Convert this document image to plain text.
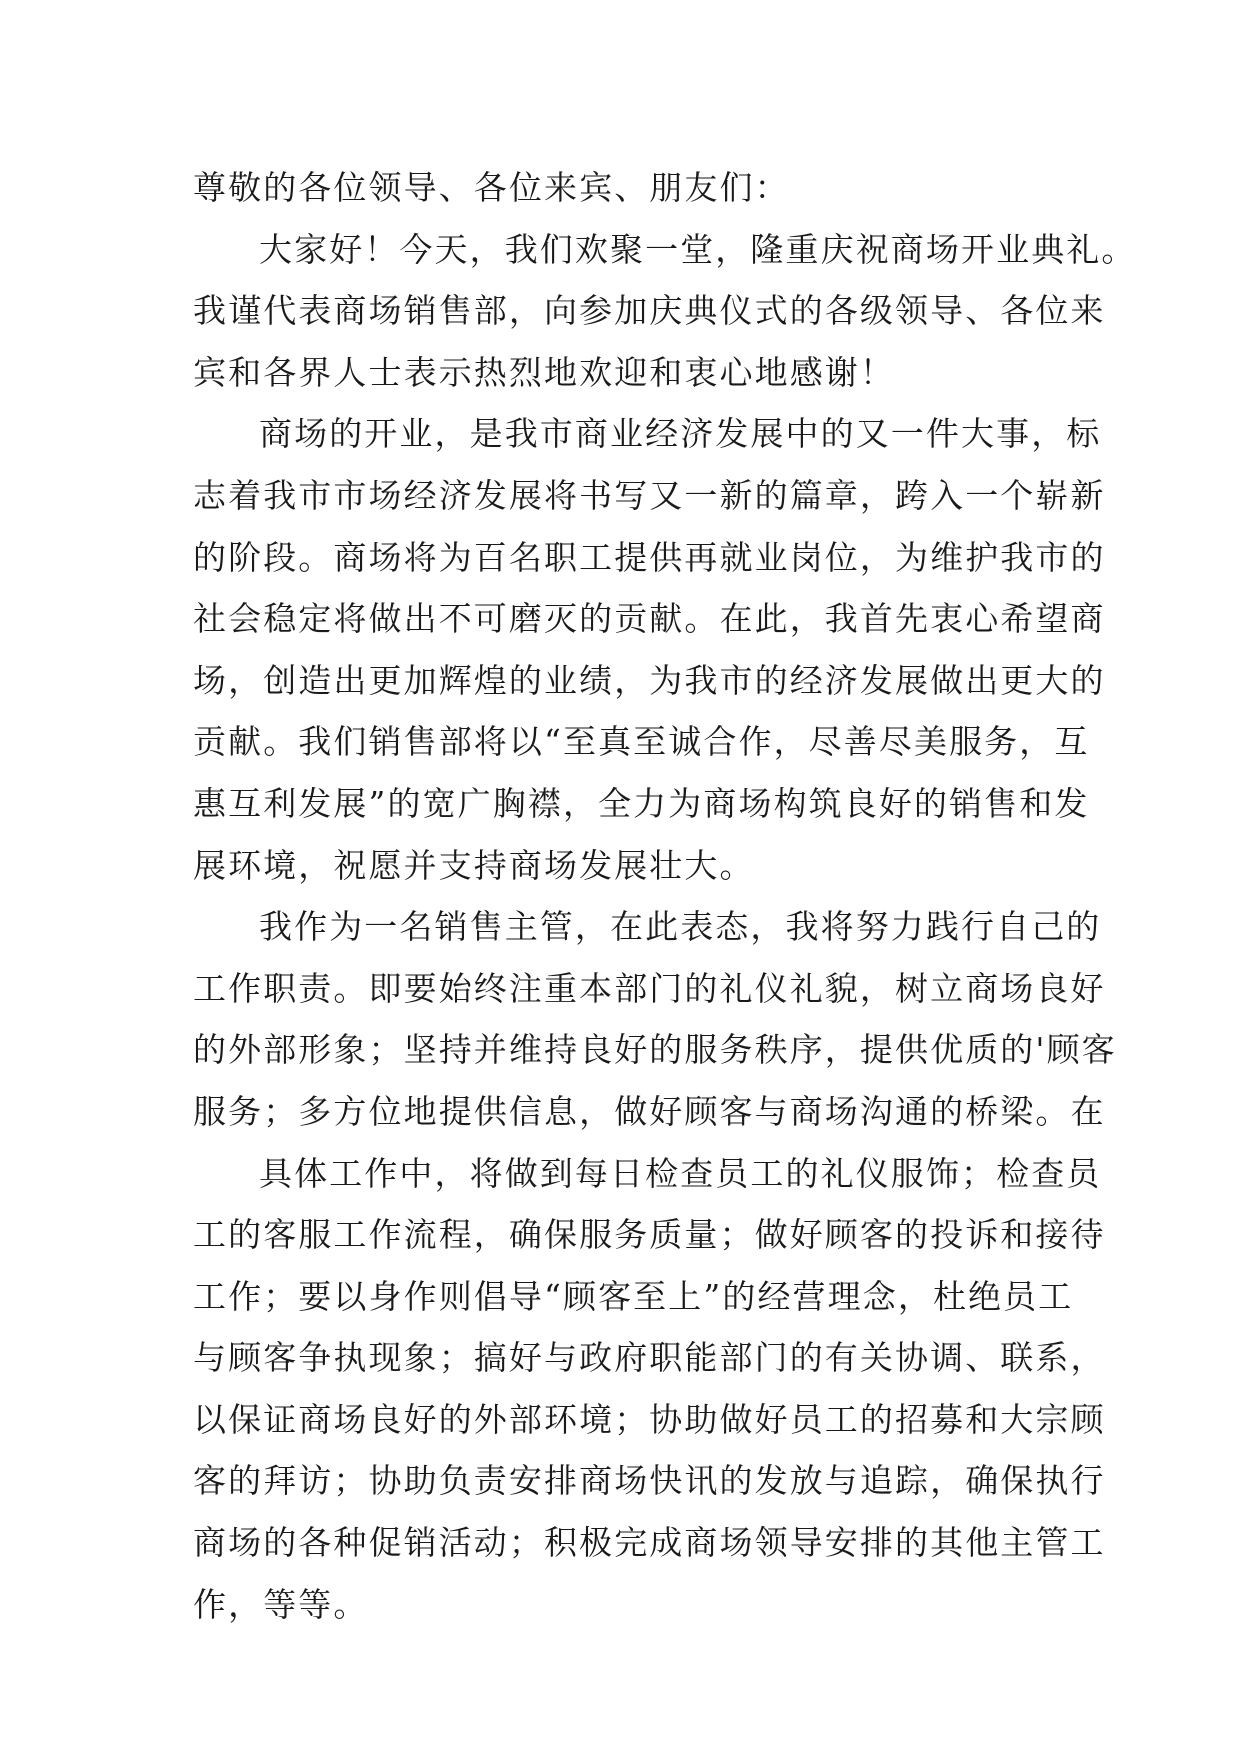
尊敬的各位领导、各位来宾、朋友们：
大家好！今天，我们欢聚一堂，隆重庆祝商场开业典礼。
我谨代表商场销售部，向参加庆典仪式的各级领导、各位来
宾和各界人士表示热烈地欢迎和衷心地感谢！
商场的开业，是我市商业经济发展中的又一件大事，标
志着我市市场经济发展将书写又一新的篇章，跨入一个崭新
的阶段。商场将为百名职工提供再就业岗位，为维护我市的
社会稳定将做出不可磨灭的贡献。在此，我首先衷心希望商
场，创造出更加辉煌的业绩，为我市的经济发展做出更大的
贡献。我们销售部将以“至真至诚合作，尽善尽美服务，互
惠互利发展”的宽广胸襟，全力为商场构筑良好的销售和发
展环境，祝愿并支持商场发展壮大。
我作为一名销售主管，在此表态，我将努力践行自己的
工作职责。即要始终注重本部门的礼仪礼貌，树立商场良好
的外部形象；坚持并维持良好的服务秩序，提供优质的'顾客
服务；多方位地提供信息，做好顾客与商场沟通的桥梁。在
具体工作中，将做到每日检查员工的礼仪服饰；检查员
工的客服工作流程，确保服务质量；做好顾客的投诉和接待
工作；要以身作则倡导“顾客至上”的经营理念，杜绝员工
与顾客争执现象；搞好与政府职能部门的有关协调、联系，
以保证商场良好的外部环境；协助做好员工的招募和大宗顾
客的拜访；协助负责安排商场快讯的发放与追踪，确保执行
商场的各种促销活动；积极完成商场领导安排的其他主管工
作，等等。
